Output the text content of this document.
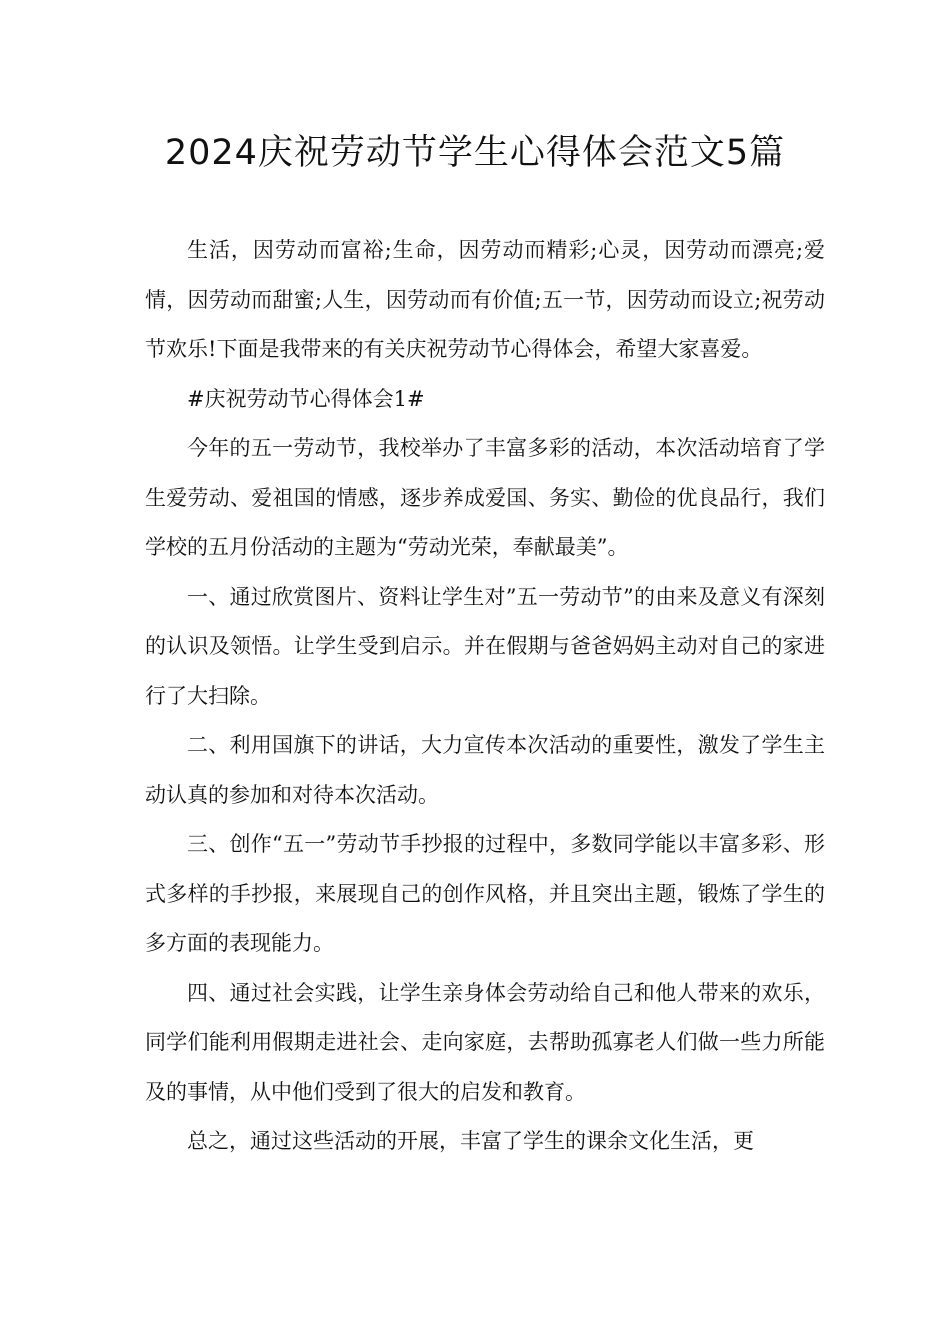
2024庆祝劳动节学生心得体会范文5篇

生活，因劳动而富裕;生命，因劳动而精彩;心灵，因劳动而漂亮;爱情，因劳动而甜蜜;人生，因劳动而有价值;五一节，因劳动而设立;祝劳动节欢乐!下面是我带来的有关庆祝劳动节心得体会，希望大家喜爱。

#庆祝劳动节心得体会1#

今年的五一劳动节，我校举办了丰富多彩的活动，本次活动培育了学生爱劳动、爱祖国的情感，逐步养成爱国、务实、勤俭的优良品行，我们学校的五月份活动的主题为“劳动光荣，奉献最美”。

一、通过欣赏图片、资料让学生对”五一劳动节”的由来及意义有深刻的认识及领悟。让学生受到启示。并在假期与爸爸妈妈主动对自己的家进行了大扫除。

二、利用国旗下的讲话，大力宣传本次活动的重要性，激发了学生主动认真的参加和对待本次活动。

三、创作“五一”劳动节手抄报的过程中，多数同学能以丰富多彩、形式多样的手抄报，来展现自己的创作风格，并且突出主题，锻炼了学生的多方面的表现能力。

四、通过社会实践，让学生亲身体会劳动给自己和他人带来的欢乐，同学们能利用假期走进社会、走向家庭，去帮助孤寡老人们做一些力所能及的事情，从中他们受到了很大的启发和教育。

总之，通过这些活动的开展，丰富了学生的课余文化生活，更
